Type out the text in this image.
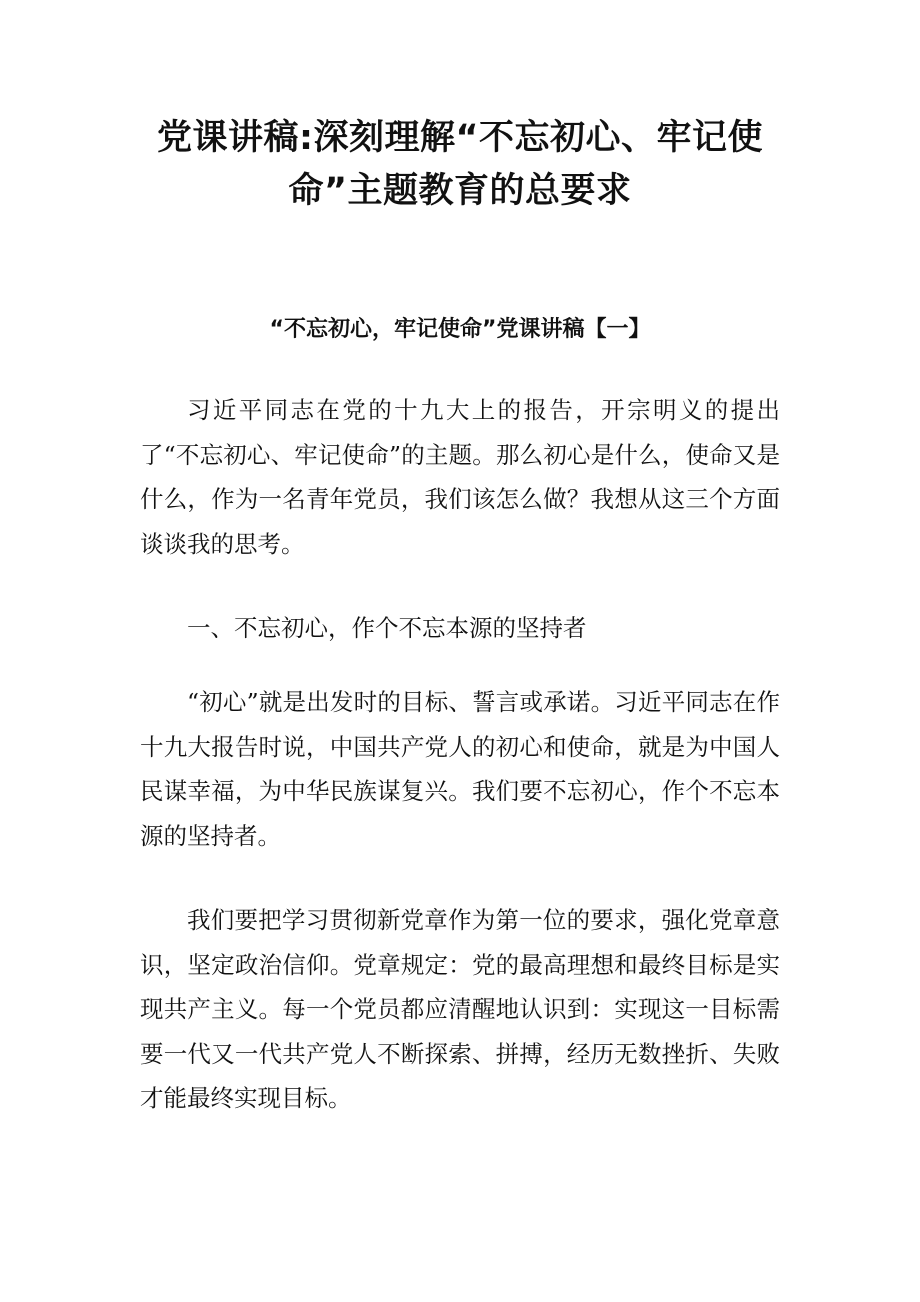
党课讲稿:深刻理解“不忘初心、牢记使命”主题教育的总要求
“不忘初心，牢记使命”党课讲稿【一】

习近平同志在党的十九大上的报告，开宗明义的提出了“不忘初心、牢记使命”的主题。那么初心是什么，使命又是什么，作为一名青年党员，我们该怎么做？我想从这三个方面谈谈我的思考。

一、不忘初心，作个不忘本源的坚持者

“初心”就是出发时的目标、誓言或承诺。习近平同志在作十九大报告时说，中国共产党人的初心和使命，就是为中国人民谋幸福，为中华民族谋复兴。我们要不忘初心，作个不忘本源的坚持者。

我们要把学习贯彻新党章作为第一位的要求，强化党章意识，坚定政治信仰。党章规定：党的最高理想和最终目标是实现共产主义。每一个党员都应清醒地认识到：实现这一目标需要一代又一代共产党人不断探索、拼搏，经历无数挫折、失败才能最终实现目标。
